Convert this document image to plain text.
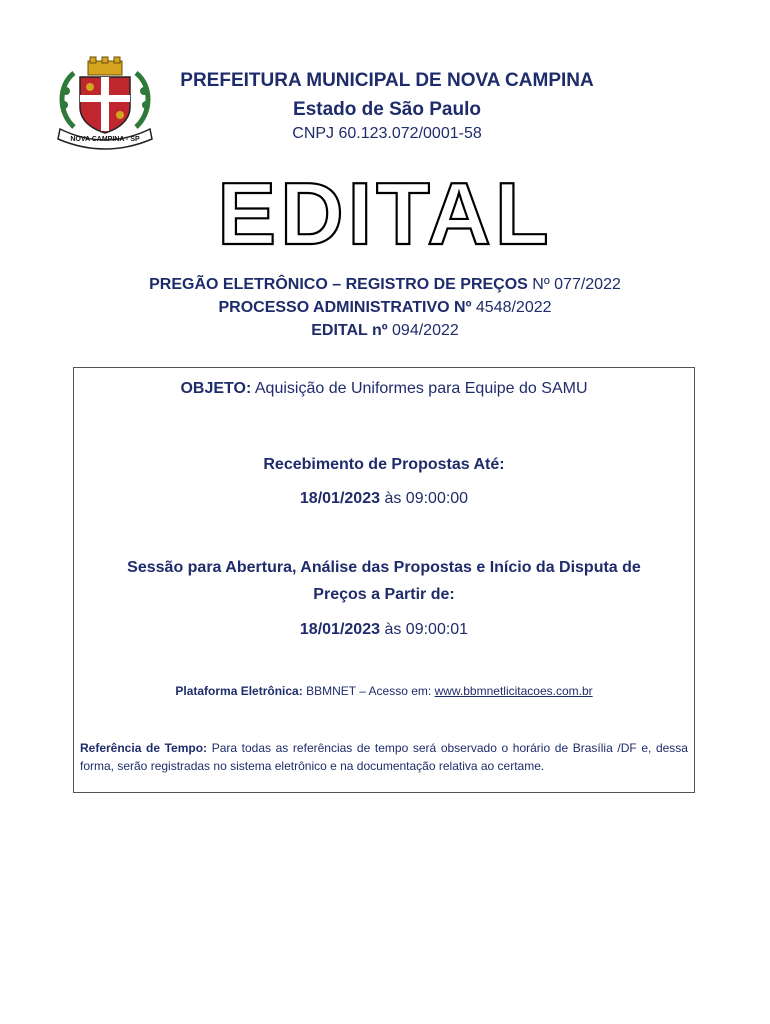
NOVA CAMPINA - SP
PREFEITURA MUNICIPAL DE NOVA CAMPINA
Estado de São Paulo
CNPJ 60.123.072/0001-58
EDITAL
PREGÃO ELETRÔNICO – REGISTRO DE PREÇOS Nº 077/2022
PROCESSO ADMINISTRATIVO Nº 4548/2022
EDITAL nº 094/2022
OBJETO: Aquisição de Uniformes para Equipe do SAMU
Recebimento de Propostas Até:
18/01/2023 às 09:00:00
Sessão para Abertura, Análise das Propostas e Início da Disputa de
Preços a Partir de:
18/01/2023 às 09:00:01
Plataforma Eletrônica: BBMNET – Acesso em: www.bbmnetlicitacoes.com.br
Referência de Tempo: Para todas as referências de tempo será observado o horário de Brasília /DF e, dessa forma, serão registradas no sistema eletrônico e na documentação relativa ao certame.
